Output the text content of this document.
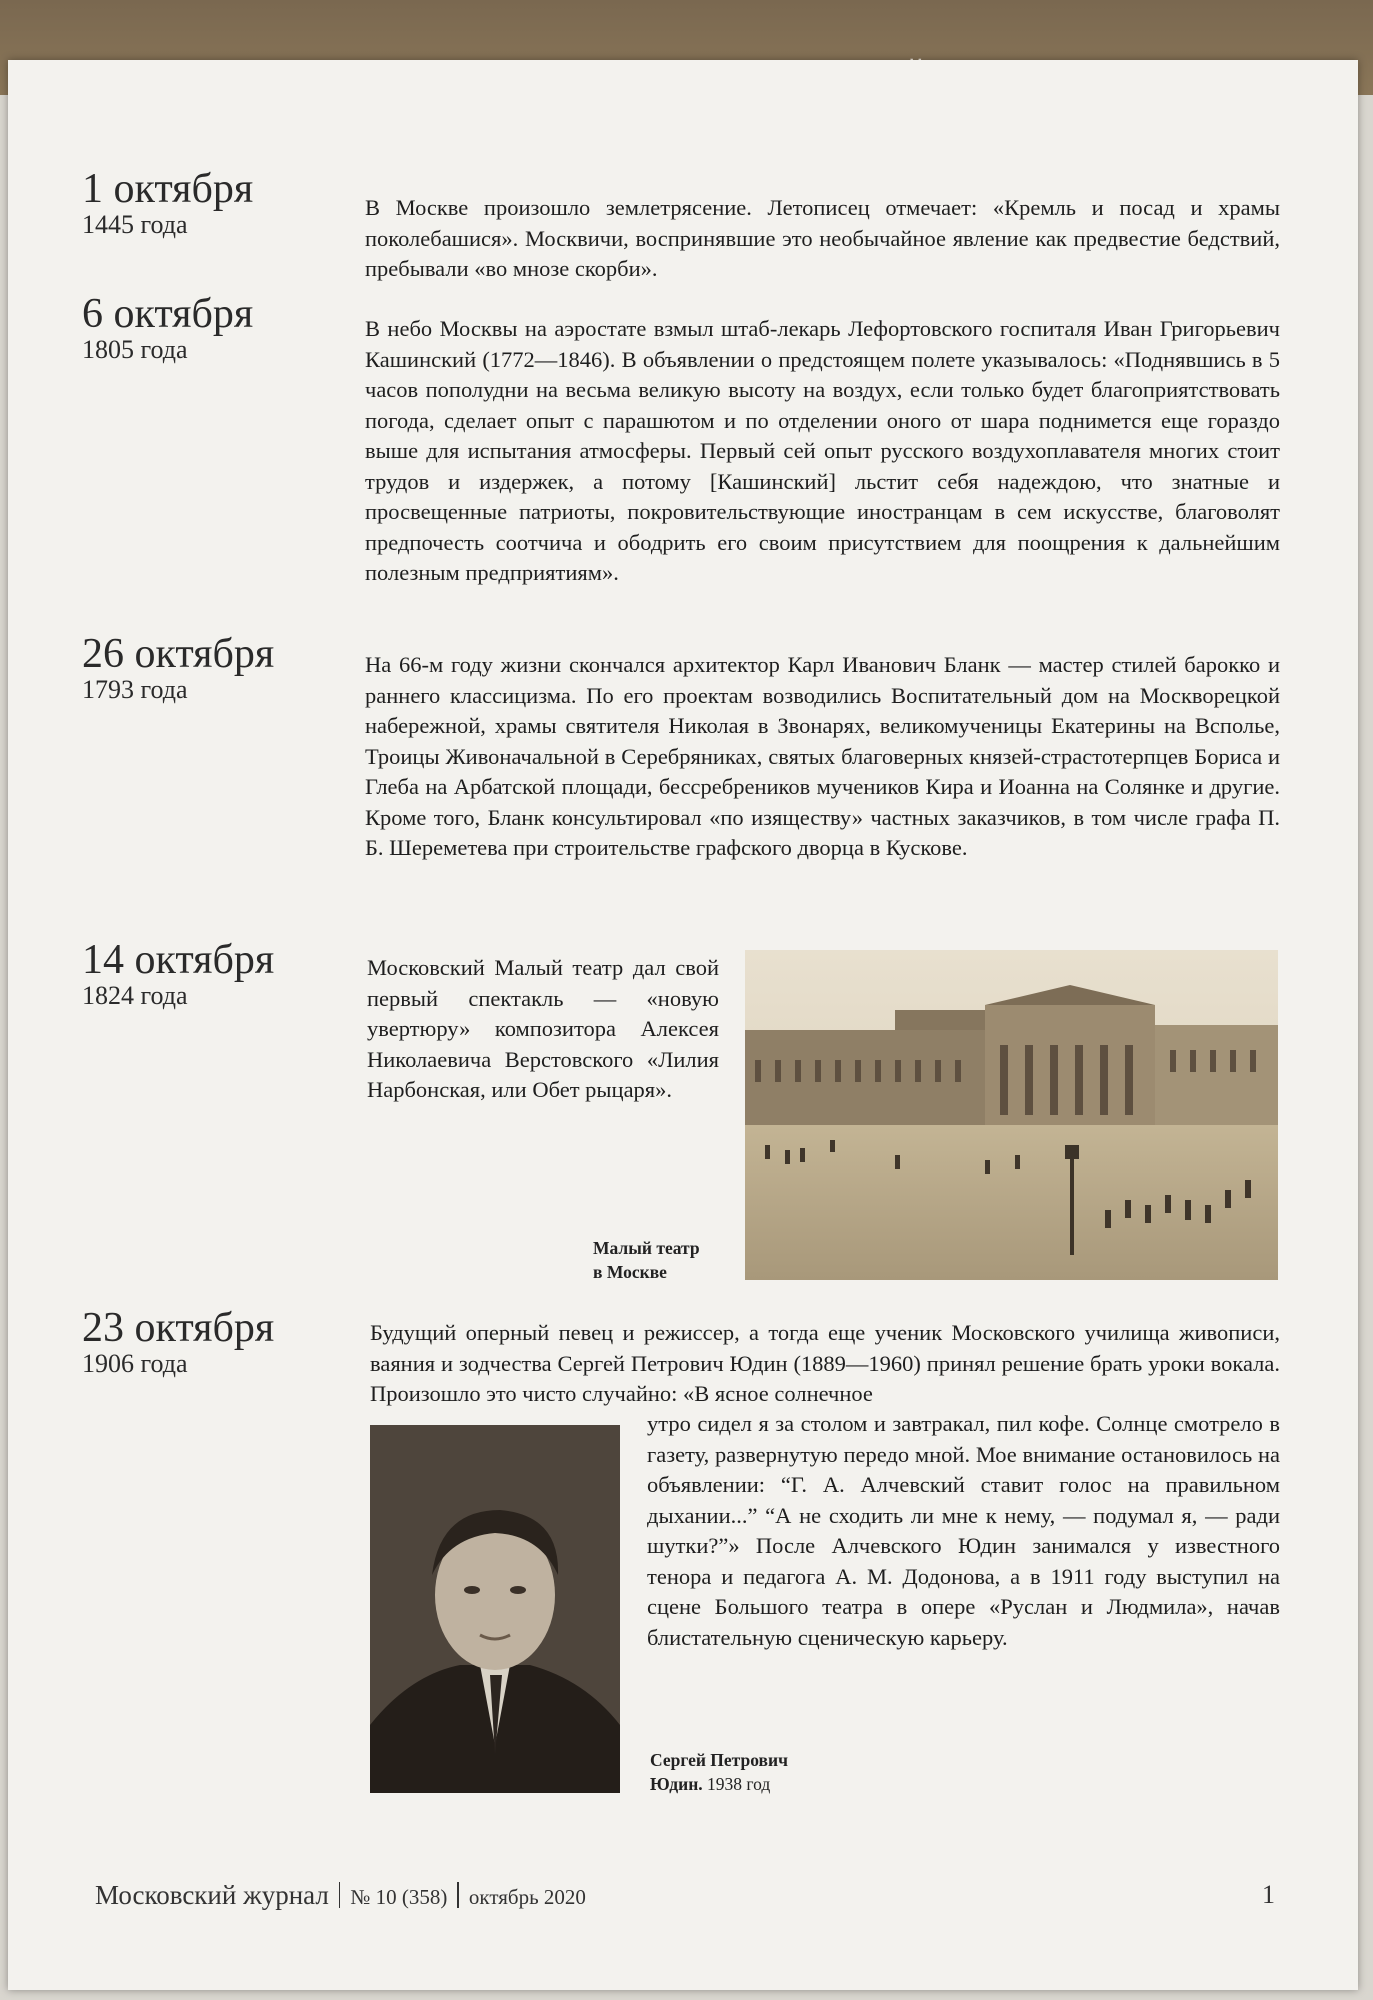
1 октября
1445 года
В Москве произошло землетрясение. Летописец отмечает: «Кремль и посад и храмы поколебашися». Москвичи, воспринявшие это необычайное явление как предвестие бедствий, пребывали «во мнозе скорби».
6 октября
1805 года
В небо Москвы на аэростате взмыл штаб-лекарь Лефортовского госпиталя Иван Григорьевич Кашинский (1772—1846). В объявлении о предстоящем полете указывалось: «Поднявшись в 5 часов пополудни на весьма великую высоту на воздух, если только будет благоприятствовать погода, сделает опыт с парашютом и по отделении оного от шара поднимется еще гораздо выше для испытания атмосферы. Первый сей опыт русского воздухоплавателя многих стоит трудов и издержек, а потому [Кашинский] льстит себя надеждою, что знатные и просвещенные патриоты, покровительствующие иностранцам в сем искусстве, благоволят предпочесть соотчича и ободрить его своим присутствием для поощрения к дальнейшим полезным предприятиям».
26 октября
1793 года
На 66-м году жизни скончался архитектор Карл Иванович Бланк — мастер стилей барокко и раннего классицизма. По его проектам возводились Воспитательный дом на Москворецкой набережной, храмы святителя Николая в Звонарях, великомученицы Екатерины на Всполье, Троицы Живоначальной в Серебряниках, святых благоверных князей-страстотерпцев Бориса и Глеба на Арбатской площади, бессребреников мучеников Кира и Иоанна на Солянке и другие. Кроме того, Бланк консультировал «по изяществу» частных заказчиков, в том числе графа П. Б. Шереметева при строительстве графского дворца в Кускове.
14 октября
1824 года
Московский Малый театр дал свой первый спектакль — «новую увертюру» композитора Алексея Николаевича Верстовского «Лилия Нарбонская, или Обет рыцаря».
Малый театр
в Москве
23 октября
1906 года
Будущий оперный певец и режиссер, а тогда еще ученик Московского училища живописи, ваяния и зодчества Сергей Петрович Юдин (1889—1960) принял решение брать уроки вокала. Произошло это чисто случайно: «В ясное солнечное
утро сидел я за столом и завтракал, пил кофе. Солнце смотрело в газету, развернутую передо мной. Мое внимание остановилось на объявлении: “Г. А. Алчевский ставит голос на правильном дыхании...” “А не сходить ли мне к нему, — подумал я, — ради шутки?”» После Алчевского Юдин занимался у известного тенора и педагога А. М. Додонова, а в 1911 году выступил на сцене Большого театра в опере «Руслан и Людмила», начав блистательную сценическую карьеру.
Сергей Петрович
Юдин. 1938 год
Московский журнал № 10 (358) октябрь 2020	1
